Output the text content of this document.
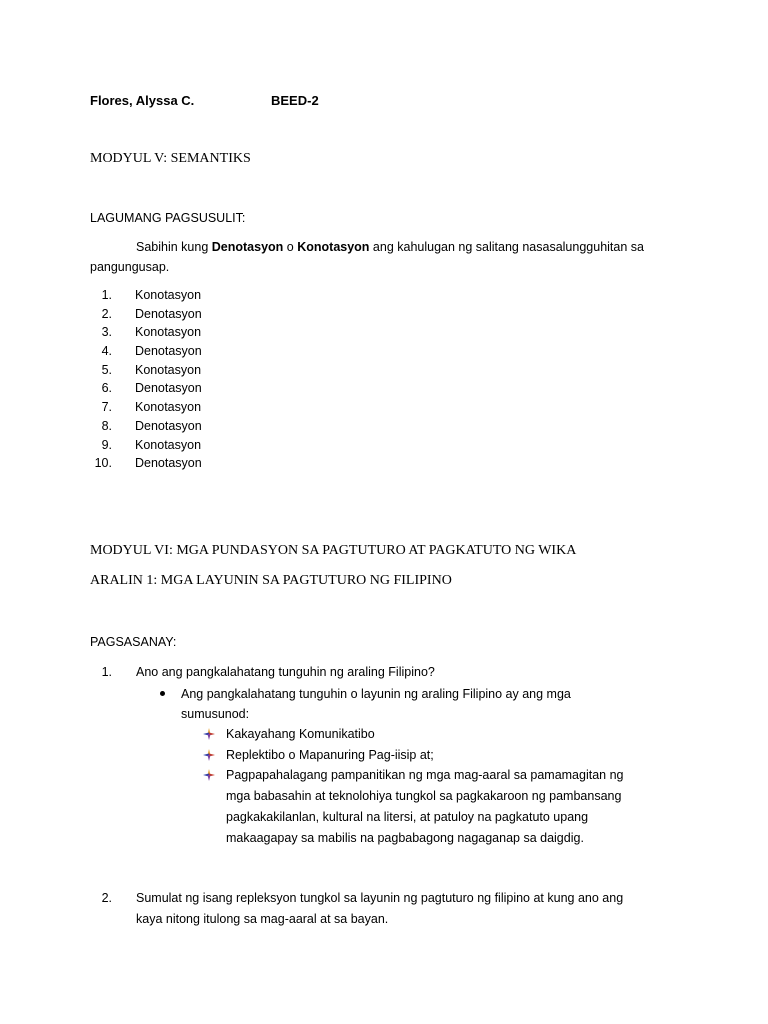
Flores, Alyssa C.	BEED-2
MODYUL V: SEMANTIKS
LAGUMANG PAGSUSULIT:
Sabihin kung Denotasyon o Konotasyon ang kahulugan ng salitang nasasalungguhitan sa
pangungusap.
1. Konotasyon
2. Denotasyon
3. Konotasyon
4. Denotasyon
5. Konotasyon
6. Denotasyon
7. Konotasyon
8. Denotasyon
9. Konotasyon
10. Denotasyon
MODYUL VI: MGA PUNDASYON SA PAGTUTURO AT PAGKATUTO NG WIKA
ARALIN 1: MGA LAYUNIN SA PAGTUTURO NG FILIPINO
PAGSASANAY:
1. Ano ang pangkalahatang tunguhin ng araling Filipino?
Ang pangkalahatang tunguhin o layunin ng araling Filipino ay ang mga
sumusunod:
Kakayahang Komunikatibo
Replektibo o Mapanuring Pag-iisip at;
Pagpapahalagang pampanitikan ng mga mag-aaral sa pamamagitan ng
mga babasahin at teknolohiya tungkol sa pagkakaroon ng pambansang
pagkakakilanlan, kultural na litersi, at patuloy na pagkatuto upang
makaagapay sa mabilis na pagbabagong nagaganap sa daigdig.
2. Sumulat ng isang repleksyon tungkol sa layunin ng pagtuturo ng filipino at kung ano ang
kaya nitong itulong sa mag-aaral at sa bayan.
